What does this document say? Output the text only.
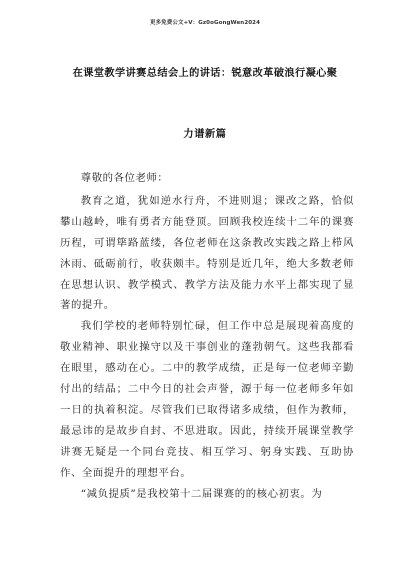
更多免费公文+V：Gz0oGongWen2024
在课堂教学讲赛总结会上的讲话：锐意改革破浪行凝心聚
力谱新篇

尊敬的各位老师：

教育之道，犹如逆水行舟，不进则退；课改之路，恰似攀山越岭，唯有勇者方能登顶。回顾我校连续十二年的课赛历程，可谓筚路蓝缕，各位老师在这条教改实践之路上栉风沐雨、砥砺前行，收获颇丰。特别是近几年，绝大多数老师在思想认识、教学模式、教学方法及能力水平上都实现了显著的提升。

我们学校的老师特别忙碌，但工作中总是展现着高度的敬业精神、职业操守以及干事创业的蓬勃朝气。这些我都看在眼里，感动在心。二中的教学成绩，正是每一位老师辛勤付出的结晶；二中今日的社会声誉，源于每一位老师多年如一日的执着积淀。尽管我们已取得诸多成绩，但作为教师，最忌讳的是故步自封、不思进取。因此，持续开展课堂教学讲赛无疑是一个同台竞技、相互学习、躬身实践、互助协作、全面提升的理想平台。

“减负提质”是我校第十二届课赛的的核心初衷。为
